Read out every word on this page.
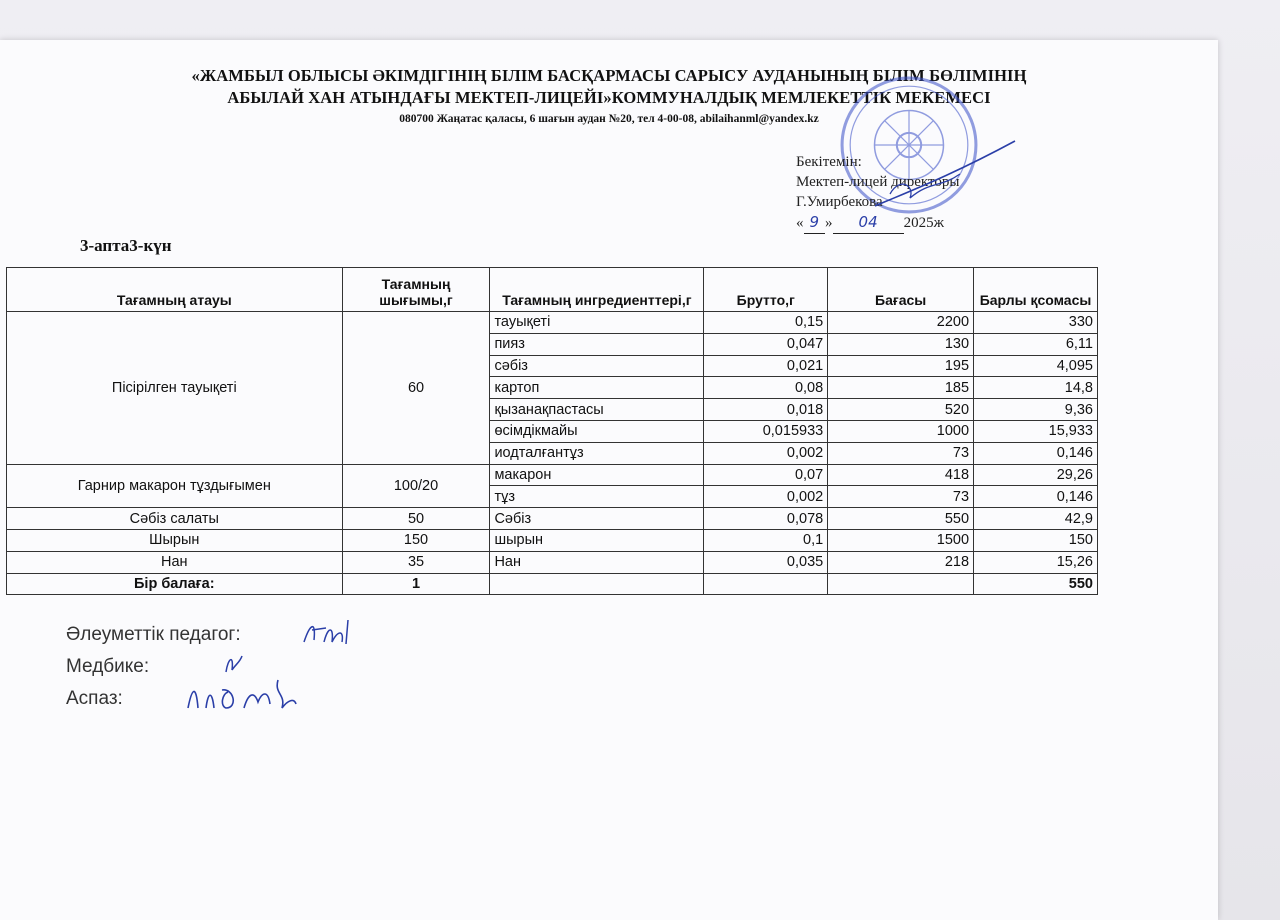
«ЖАМБЫЛ ОБЛЫСЫ ӘКІМДІГІНІҢ БІЛІМ БАСҚАРМАСЫ САРЫСУ АУДАНЫНЫҢ БІЛІМ БӨЛІМІНІҢ
АБЫЛАЙ ХАН АТЫНДАҒЫ МЕКТЕП-ЛИЦЕЙІ»КОММУНАЛДЫҚ МЕМЛЕКЕТТІК МЕКЕМЕСІ
080700 Жаңатас қаласы, 6 шағын аудан №20, тел 4-00-08, abilaihanml@yandex.kz
Бекітемін:
Мектеп-лицей директоры
Г.Умирбекова
« 9 »	04	2025ж
3-апта3-күн
Тағамның атауы	Тағамның шығымы,г	Тағамның ингредиенттері,г	Брутто,г	Бағасы	Барлы қсомасы
Пісірілген тауықеті	60	тауықеті	0,15	2200	330
		пияз	0,047	130	6,11
		сәбіз	0,021	195	4,095
		картоп	0,08	185	14,8
		қызанақпастасы	0,018	520	9,36
		өсімдікмайы	0,015933	1000	15,933
		иодталғантұз	0,002	73	0,146
Гарнир макарон тұздығымен	100/20	макарон	0,07	418	29,26
		тұз	0,002	73	0,146
Сәбіз салаты	50	Сәбіз	0,078	550	42,9
Шырын	150	шырын	0,1	1500	150
Нан	35	Нан	0,035	218	15,26
Бір балаға:	1				550
Әлеуметтік педагог:
Медбике:
Аспаз:
